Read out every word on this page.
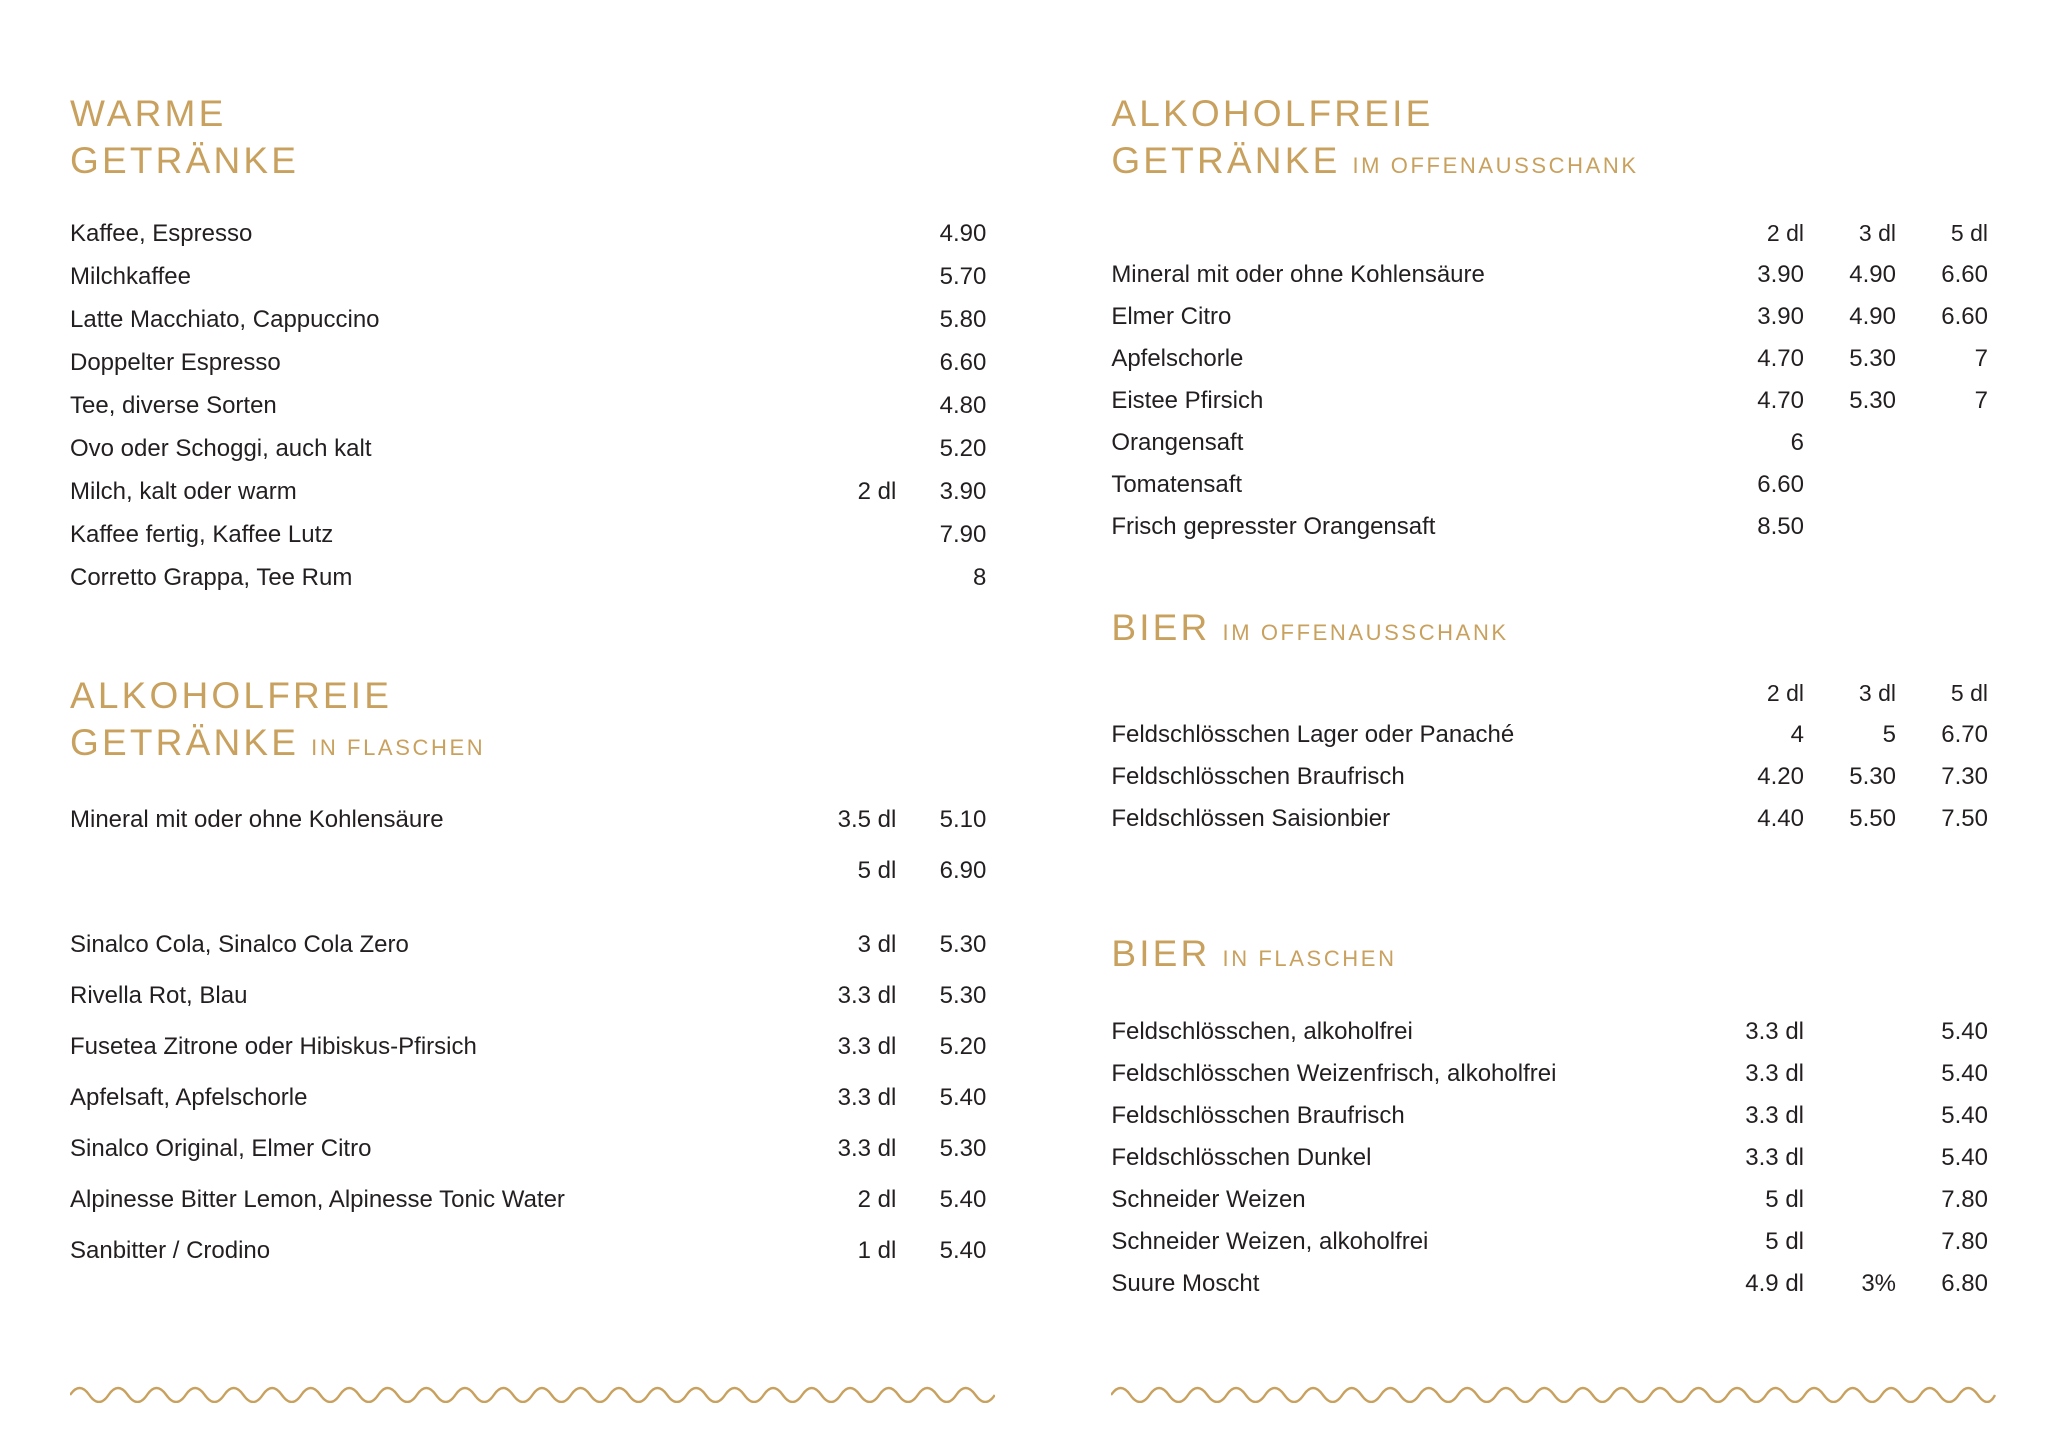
WARME
GETRÄNKE
Kaffee, Espresso		4.90
Milchkaffee		5.70
Latte Macchiato, Cappuccino		5.80
Doppelter Espresso		6.60
Tee, diverse Sorten		4.80
Ovo oder Schoggi, auch kalt		5.20
Milch, kalt oder warm	2 dl	3.90
Kaffee fertig, Kaffee Lutz		7.90
Corretto Grappa, Tee Rum		8
ALKOHOLFREIE
GETRÄNKE IN FLASCHEN
Mineral mit oder ohne Kohlensäure	3.5 dl	5.10
	5 dl	6.90

Sinalco Cola, Sinalco Cola Zero	3 dl	5.30
Rivella Rot, Blau	3.3 dl	5.30
Fusetea Zitrone oder Hibiskus-Pfirsich	3.3 dl	5.20
Apfelsaft, Apfelschorle	3.3 dl	5.40
Sinalco Original, Elmer Citro	3.3 dl	5.30
Alpinesse Bitter Lemon, Alpinesse Tonic Water	2 dl	5.40
Sanbitter / Crodino	1 dl	5.40
ALKOHOLFREIE
GETRÄNKE IM OFFENAUSSCHANK
	2 dl	3 dl	5 dl
Mineral mit oder ohne Kohlensäure	3.90	4.90	6.60
Elmer Citro	3.90	4.90	6.60
Apfelschorle	4.70	5.30	7
Eistee Pfirsich	4.70	5.30	7
Orangensaft	6		
Tomatensaft	6.60		
Frisch gepresster Orangensaft	8.50		
BIER IM OFFENAUSSCHANK
	2 dl	3 dl	5 dl
Feldschlösschen Lager oder Panaché	4	5	6.70
Feldschlösschen Braufrisch	4.20	5.30	7.30
Feldschlössen Saisionbier	4.40	5.50	7.50
BIER IN FLASCHEN
Feldschlösschen, alkoholfrei	3.3 dl		5.40
Feldschlösschen Weizenfrisch, alkoholfrei	3.3 dl		5.40
Feldschlösschen Braufrisch	3.3 dl		5.40
Feldschlösschen Dunkel	3.3 dl		5.40
Schneider Weizen	5 dl		7.80
Schneider Weizen, alkoholfrei	5 dl		7.80
Suure Moscht	4.9 dl	3%	6.80
